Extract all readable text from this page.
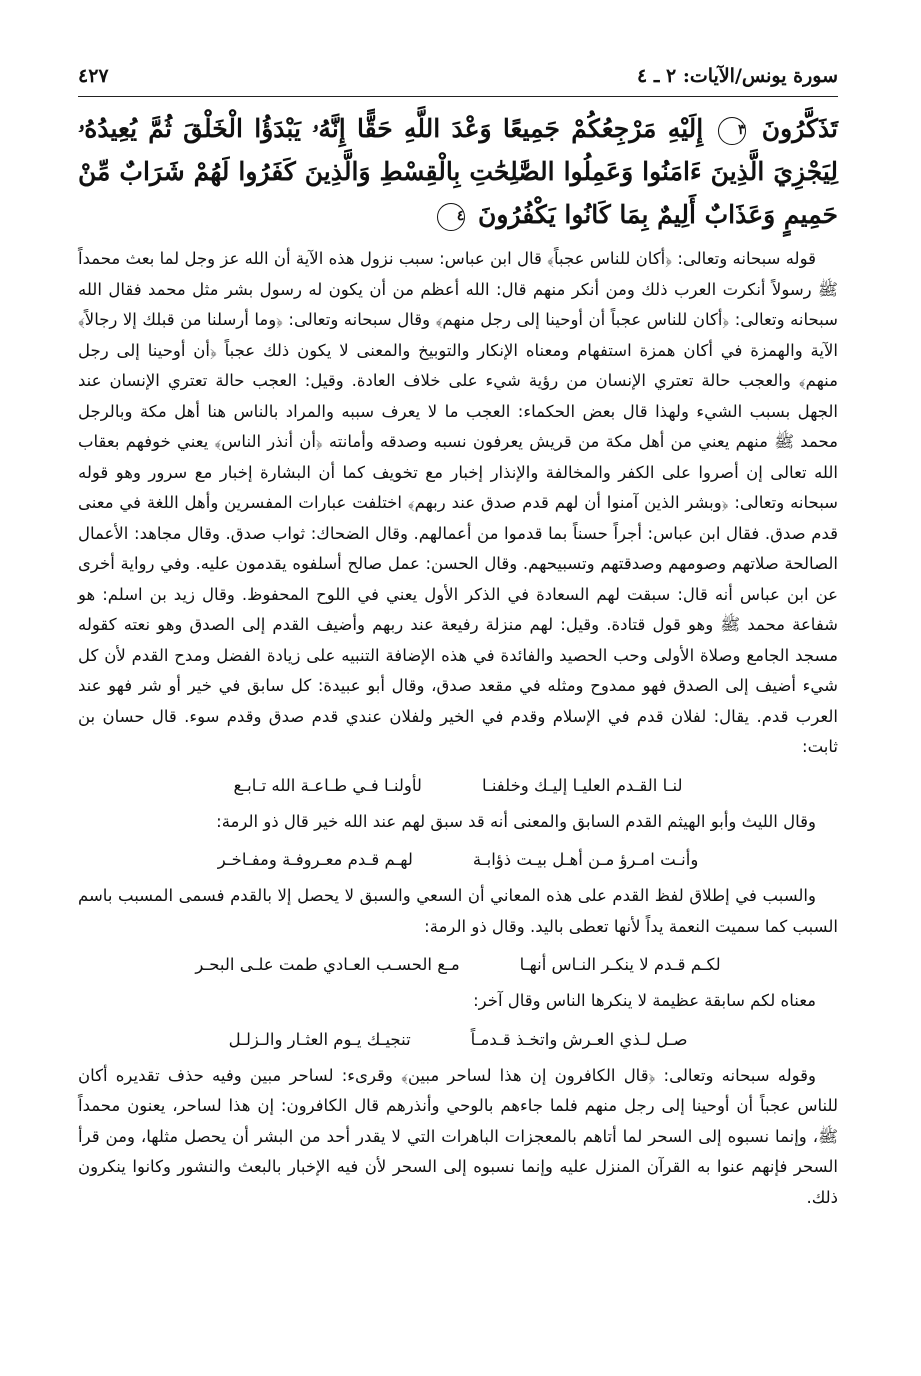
سورة يونس/الآيات: ٢ ـ ٤
٤٢٧
تَذَكَّرُونَ ٣ إِلَيْهِ مَرْجِعُكُمْ جَمِيعًا وَعْدَ اللَّهِ حَقًّا إِنَّهُۥ يَبْدَؤُا الْخَلْقَ ثُمَّ يُعِيدُهُۥ لِيَجْزِيَ الَّذِينَ ءَامَنُوا وَعَمِلُوا الصَّٰلِحَٰتِ بِالْقِسْطِ وَالَّذِينَ كَفَرُوا لَهُمْ شَرَابٌ مِّنْ حَمِيمٍ وَعَذَابٌ أَلِيمٌ بِمَا كَانُوا يَكْفُرُونَ ٤

قوله سبحانه وتعالى: ﴿أكان للناس عجباً﴾ قال ابن عباس: سبب نزول هذه الآية أن الله عز وجل لما بعث محمداً ﷺ رسولاً أنكرت العرب ذلك ومن أنكر منهم قال: الله أعظم من أن يكون له رسول بشر مثل محمد فقال الله سبحانه وتعالى: ﴿أكان للناس عجباً أن أوحينا إلى رجل منهم﴾ وقال سبحانه وتعالى: ﴿وما أرسلنا من قبلك إلا رجالاً﴾ الآية والهمزة في أكان همزة استفهام ومعناه الإنكار والتوبيخ والمعنى لا يكون ذلك عجباً ﴿أن أوحينا إلى رجل منهم﴾ والعجب حالة تعتري الإنسان من رؤية شيء على خلاف العادة. وقيل: العجب حالة تعتري الإنسان عند الجهل بسبب الشيء ولهذا قال بعض الحكماء: العجب ما لا يعرف سببه والمراد بالناس هنا أهل مكة وبالرجل محمد ﷺ منهم يعني من أهل مكة من قريش يعرفون نسبه وصدقه وأمانته ﴿أن أنذر الناس﴾ يعني خوفهم بعقاب الله تعالى إن أصروا على الكفر والمخالفة والإنذار إخبار مع تخويف كما أن البشارة إخبار مع سرور وهو قوله سبحانه وتعالى: ﴿وبشر الذين آمنوا أن لهم قدم صدق عند ربهم﴾ اختلفت عبارات المفسرين وأهل اللغة في معنى قدم صدق. فقال ابن عباس: أجراً حسناً بما قدموا من أعمالهم. وقال الضحاك: ثواب صدق. وقال مجاهد: الأعمال الصالحة صلاتهم وصومهم وصدقتهم وتسبيحهم. وقال الحسن: عمل صالح أسلفوه يقدمون عليه. وفي رواية أخرى عن ابن عباس أنه قال: سبقت لهم السعادة في الذكر الأول يعني في اللوح المحفوظ. وقال زيد بن اسلم: هو شفاعة محمد ﷺ وهو قول قتادة. وقيل: لهم منزلة رفيعة عند ربهم وأضيف القدم إلى الصدق وهو نعته كقوله مسجد الجامع وصلاة الأولى وحب الحصيد والفائدة في هذه الإضافة التنبيه على زيادة الفضل ومدح القدم لأن كل شيء أضيف إلى الصدق فهو ممدوح ومثله في مقعد صدق، وقال أبو عبيدة: كل سابق في خير أو شر فهو عند العرب قدم. يقال: لفلان قدم في الإسلام وقدم في الخير ولفلان عندي قدم صدق وقدم سوء. قال حسان بن ثابت:

لنـا القـدم العليـا إليـك وخلفنـا
لأولنـا فـي طـاعـة الله تـابـع

وقال الليث وأبو الهيثم القدم السابق والمعنى أنه قد سبق لهم عند الله خير قال ذو الرمة:

وأنـت امـرؤ مـن أهـل بيـت ذؤابـة
لهـم قـدم معـروفـة ومفـاخـر

والسبب في إطلاق لفظ القدم على هذه المعاني أن السعي والسبق لا يحصل إلا بالقدم فسمى المسبب باسم السبب كما سميت النعمة يداً لأنها تعطى باليد. وقال ذو الرمة:

لكـم قـدم لا ينكـر النـاس أنهـا
مـع الحسـب العـادي طمت علـى البحـر

معناه لكم سابقة عظيمة لا ينكرها الناس وقال آخر:

صـل لـذي العـرش واتخـذ قـدمـاً
تنجيـك يـوم العثـار والـزلـل

وقوله سبحانه وتعالى: ﴿قال الكافرون إن هذا لساحر مبين﴾ وقرىء: لساحر مبين وفيه حذف تقديره أكان للناس عجباً أن أوحينا إلى رجل منهم فلما جاءهم بالوحي وأنذرهم قال الكافرون: إن هذا لساحر، يعنون محمداً ﷺ، وإنما نسبوه إلى السحر لما أتاهم بالمعجزات الباهرات التي لا يقدر أحد من البشر أن يحصل مثلها، ومن قرأ السحر فإنهم عنوا به القرآن المنزل عليه وإنما نسبوه إلى السحر لأن فيه الإخبار بالبعث والنشور وكانوا ينكرون ذلك.
